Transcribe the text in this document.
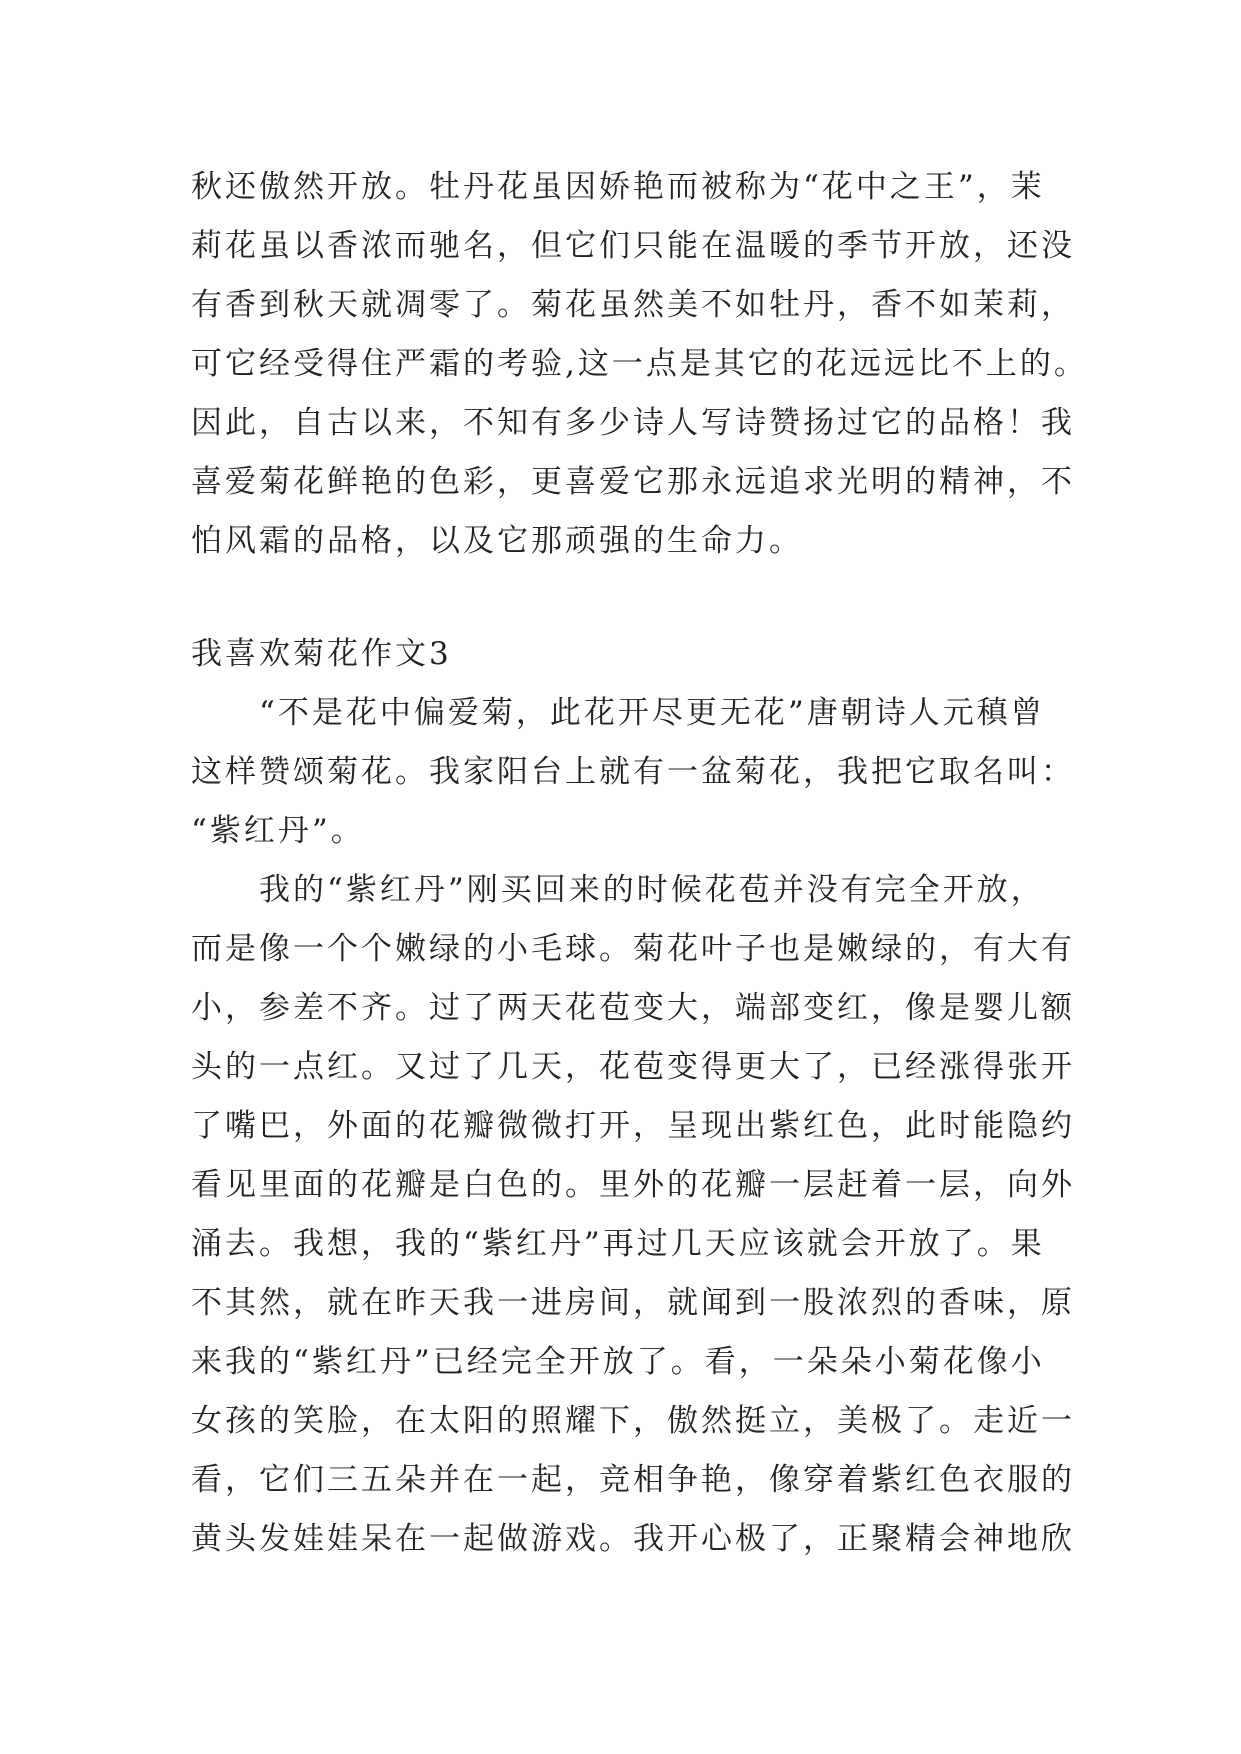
秋还傲然开放。牡丹花虽因娇艳而被称为“花中之王”，茉
莉花虽以香浓而驰名，但它们只能在温暖的季节开放，还没
有香到秋天就凋零了。菊花虽然美不如牡丹，香不如茉莉，
可它经受得住严霜的考验,这一点是其它的花远远比不上的。
因此，自古以来，不知有多少诗人写诗赞扬过它的品格！我
喜爱菊花鲜艳的色彩，更喜爱它那永远追求光明的精神，不
怕风霜的品格，以及它那顽强的生命力。
我喜欢菊花作文3
　　“不是花中偏爱菊，此花开尽更无花”唐朝诗人元稹曾
这样赞颂菊花。我家阳台上就有一盆菊花，我把它取名叫：
“紫红丹”。
　　我的“紫红丹”刚买回来的时候花苞并没有完全开放，
而是像一个个嫩绿的小毛球。菊花叶子也是嫩绿的，有大有
小，参差不齐。过了两天花苞变大，端部变红，像是婴儿额
头的一点红。又过了几天，花苞变得更大了，已经涨得张开
了嘴巴，外面的花瓣微微打开，呈现出紫红色，此时能隐约
看见里面的花瓣是白色的。里外的花瓣一层赶着一层，向外
涌去。我想，我的“紫红丹”再过几天应该就会开放了。果
不其然，就在昨天我一进房间，就闻到一股浓烈的香味，原
来我的“紫红丹”已经完全开放了。看，一朵朵小菊花像小
女孩的笑脸，在太阳的照耀下，傲然挺立，美极了。走近一
看，它们三五朵并在一起，竞相争艳，像穿着紫红色衣服的
黄头发娃娃呆在一起做游戏。我开心极了，正聚精会神地欣
